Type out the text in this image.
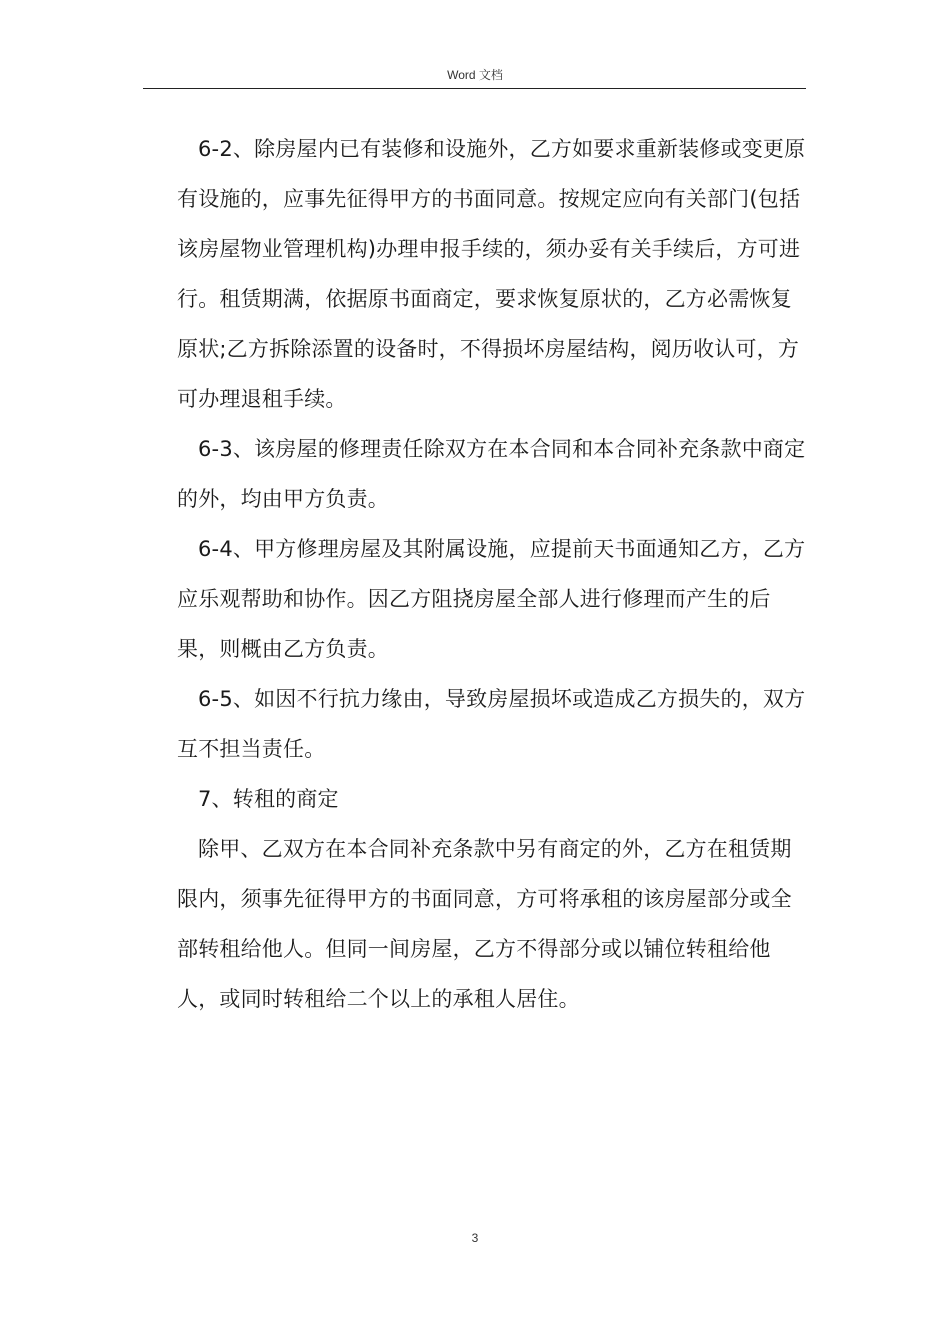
Word 文档

6-2、除房屋内已有装修和设施外，乙方如要求重新装修或变更原有设施的，应事先征得甲方的书面同意。按规定应向有关部门(包括该房屋物业管理机构)办理申报手续的，须办妥有关手续后，方可进行。租赁期满，依据原书面商定，要求恢复原状的，乙方必需恢复原状;乙方拆除添置的设备时，不得损坏房屋结构，阅历收认可，方可办理退租手续。

6-3、该房屋的修理责任除双方在本合同和本合同补充条款中商定的外，均由甲方负责。

6-4、甲方修理房屋及其附属设施，应提前天书面通知乙方，乙方应乐观帮助和协作。因乙方阻挠房屋全部人进行修理而产生的后果，则概由乙方负责。

6-5、如因不行抗力缘由，导致房屋损坏或造成乙方损失的，双方互不担当责任。

7、转租的商定

除甲、乙双方在本合同补充条款中另有商定的外，乙方在租赁期限内，须事先征得甲方的书面同意，方可将承租的该房屋部分或全部转租给他人。但同一间房屋，乙方不得部分或以铺位转租给他人，或同时转租给二个以上的承租人居住。

3
